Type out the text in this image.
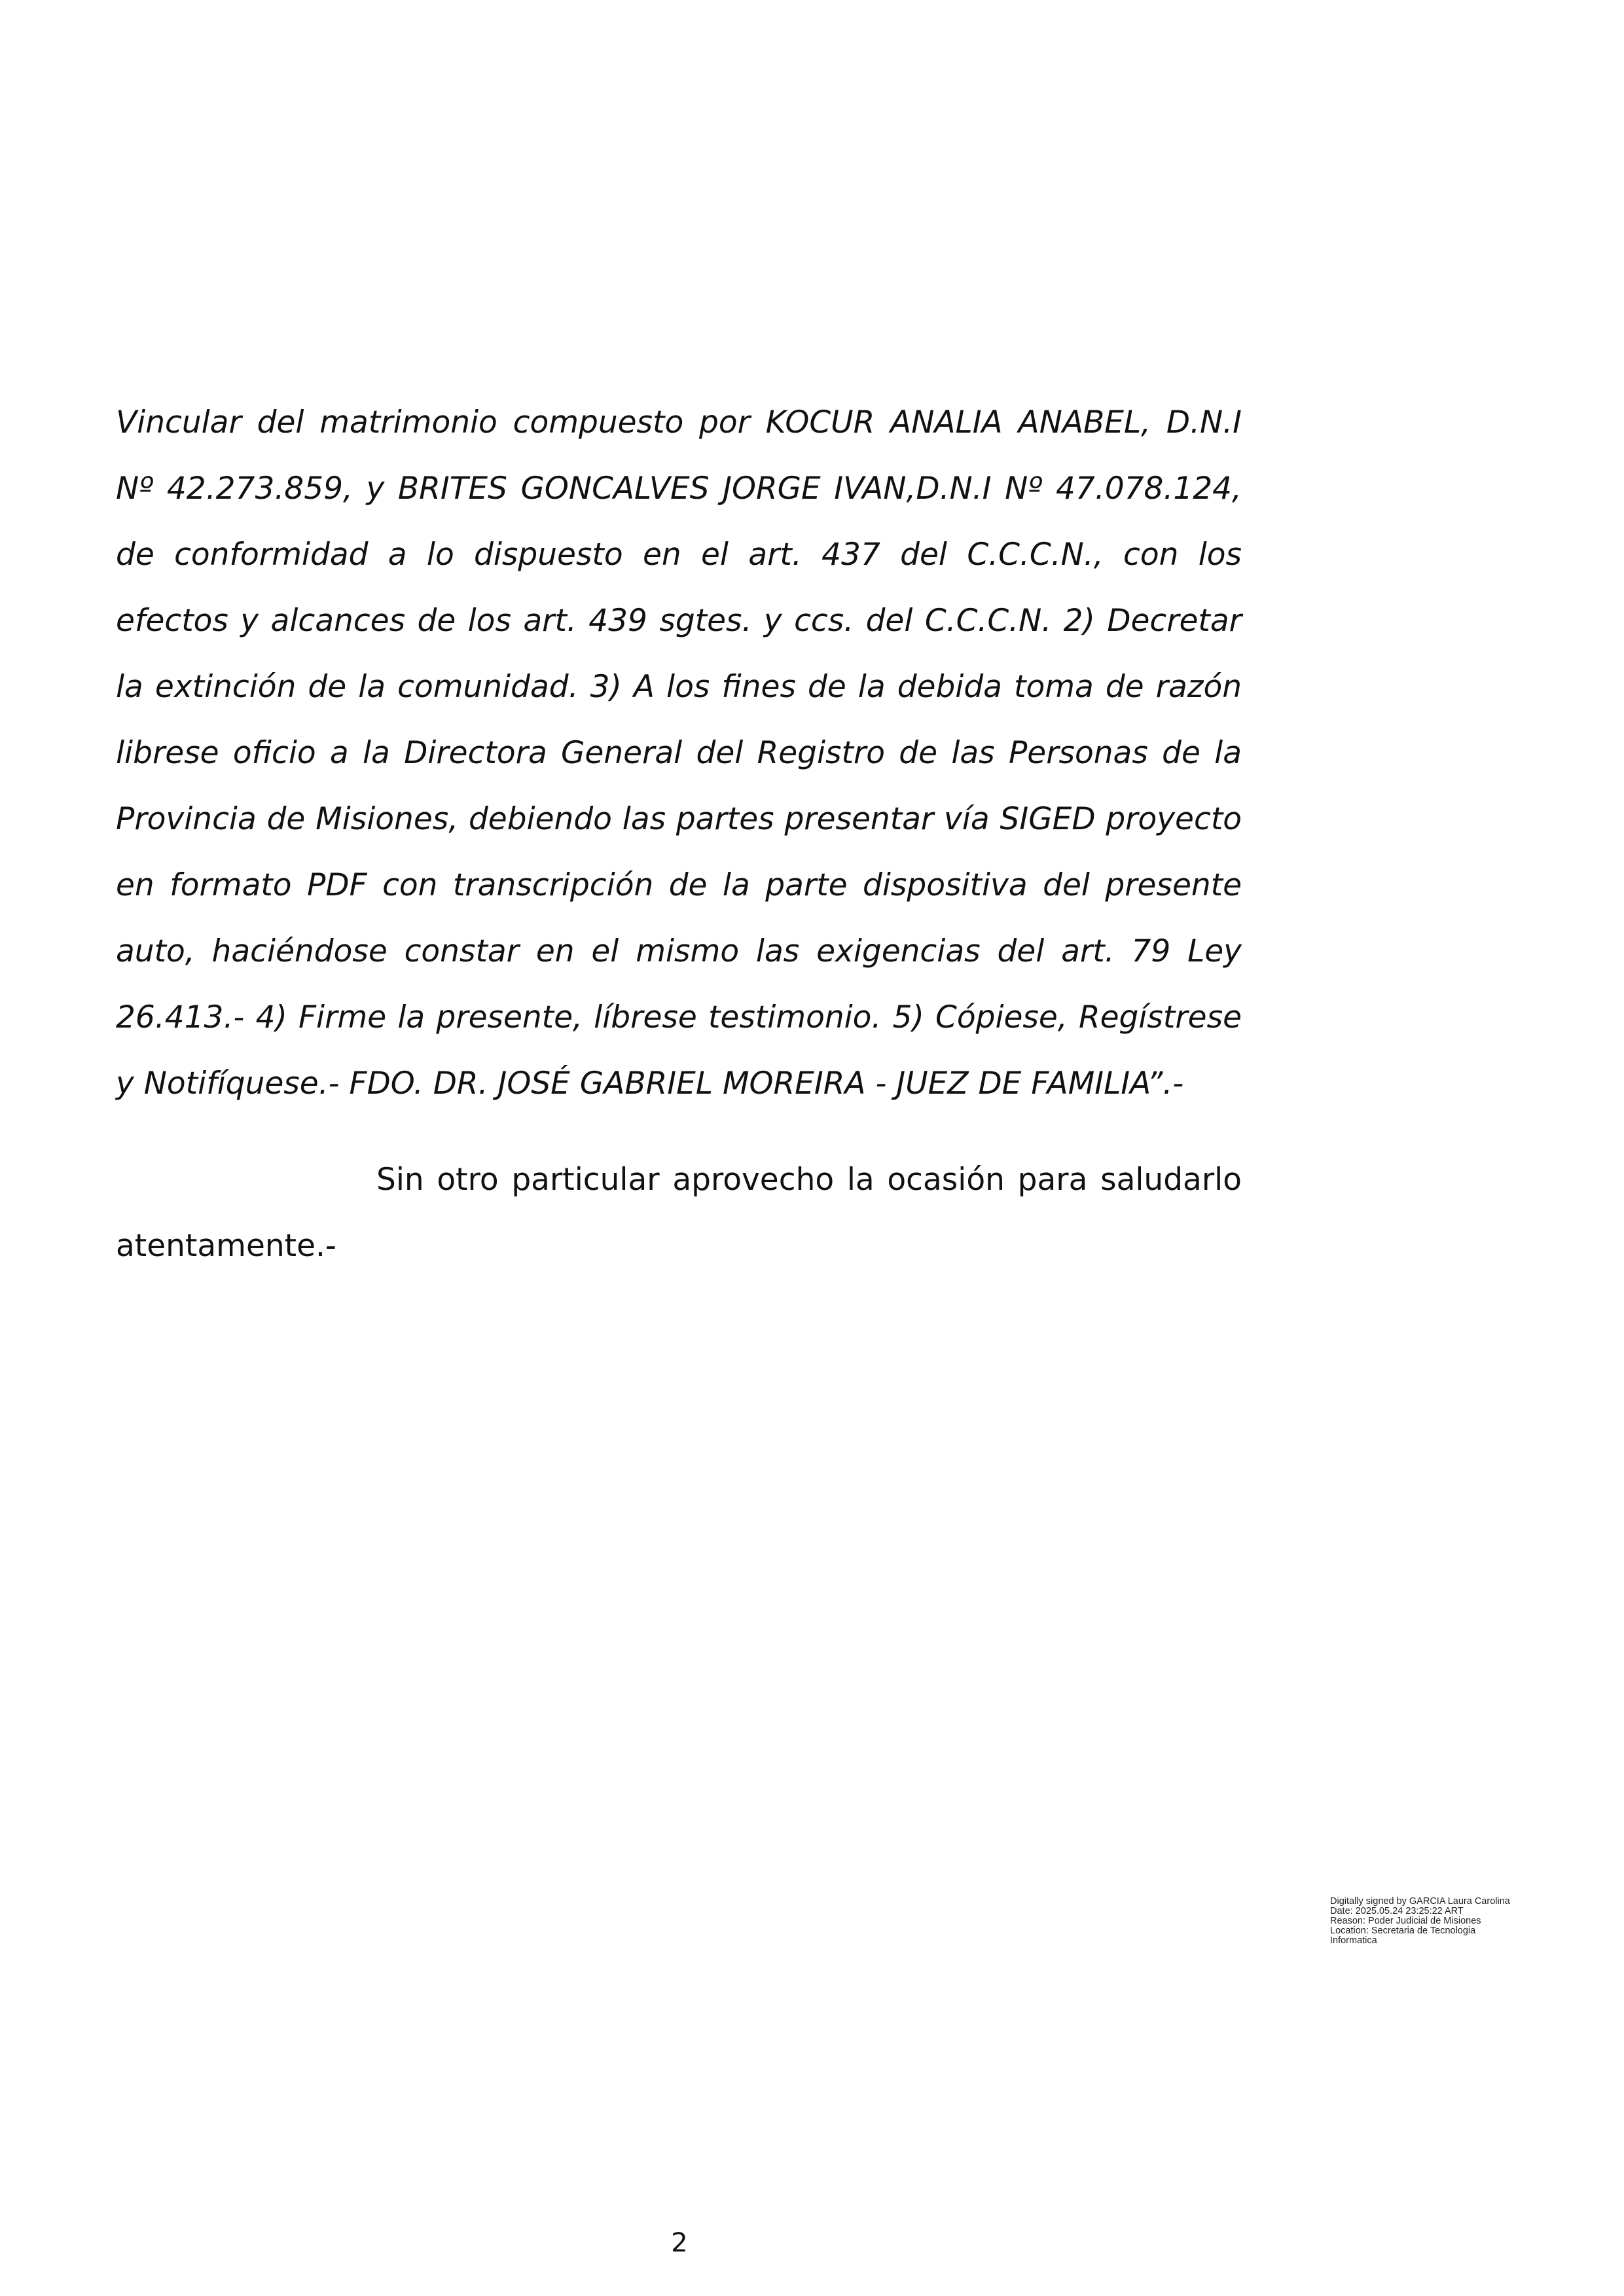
Vincular del matrimonio compuesto por KOCUR ANALIA ANABEL, D.N.I Nº 42.273.859, y BRITES GONCALVES JORGE IVAN,D.N.I Nº 47.078.124, de conformidad a lo dispuesto en el art. 437 del C.C.C.N., con los efectos y alcances de los art. 439 sgtes. y ccs. del C.C.C.N. 2) Decretar la extinción de la comunidad. 3) A los fines de la debida toma de razón librese oficio a la Directora General del Registro de las Personas de la Provincia de Misiones, debiendo las partes presentar vía SIGED proyecto en formato PDF con transcripción de la parte dispositiva del presente auto, haciéndose constar en el mismo las exigencias del art. 79 Ley 26.413.- 4) Firme la presente, líbrese testimonio. 5) Cópiese, Regístrese y Notifíquese.- FDO. DR. JOSÉ GABRIEL MOREIRA - JUEZ DE FAMILIA”.-

Sin otro particular aprovecho la ocasión para saludarlo
atentamente.-

Digitally signed by GARCIA Laura Carolina
Date: 2025.05.24 23:25:22 ART
Reason: Poder Judicial de Misiones
Location: Secretaria de Tecnologia
Informatica
2
